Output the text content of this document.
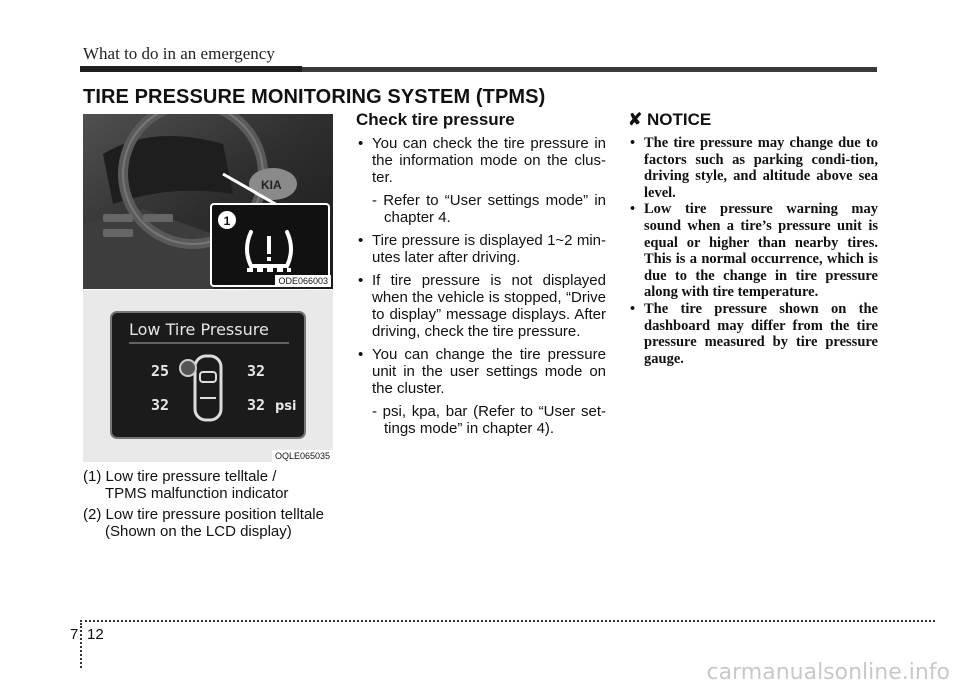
What to do in an emergency
TIRE PRESSURE MONITORING SYSTEM (TPMS)
KIA
1
ODE066003
Low Tire Pressure
25	32
32	32 psi
OQLE065035
(1) Low tire pressure telltale /
TPMS malfunction indicator
(2) Low tire pressure position telltale
(Shown on the LCD display)
Check tire pressure
• You can check the tire pressure in the information mode on the clus-ter.
- Refer to “User settings mode” in chapter 4.
• Tire pressure is displayed 1~2 min-utes later after driving.
• If tire pressure is not displayed when the vehicle is stopped, “Drive to display” message displays. After driving, check the tire pressure.
• You can change the tire pressure unit in the user settings mode on the cluster.
- psi, kpa, bar (Refer to “User set-tings mode” in chapter 4).
✘ NOTICE
• The tire pressure may change due to factors such as parking condi-tion, driving style, and altitude above sea level.
• Low tire pressure warning may sound when a tire’s pressure unit is equal or higher than nearby tires. This is a normal occurrence, which is due to the change in tire pressure along with tire temperature.
• The tire pressure shown on the dashboard may differ from the tire pressure measured by tire pressure gauge.
7 12
carmanualsonline.info
